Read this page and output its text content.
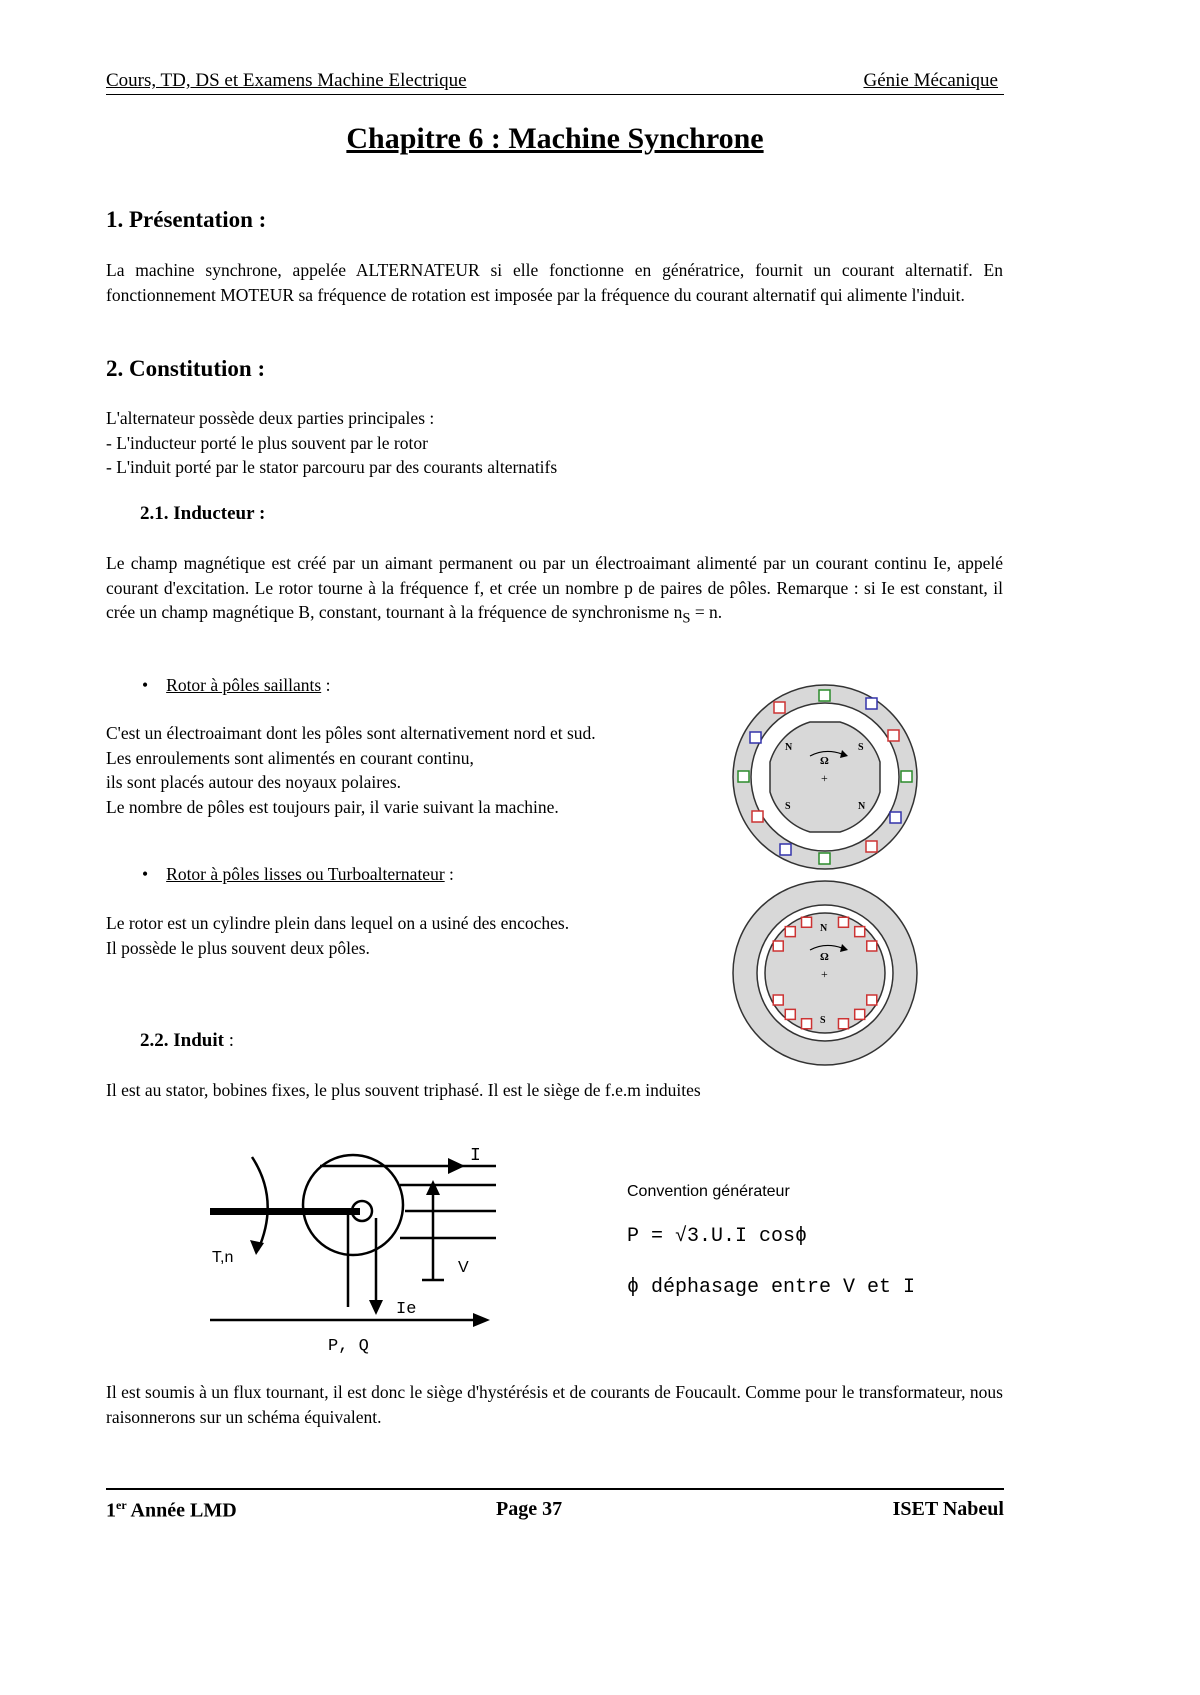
Cours, TD, DS et Examens Machine Electrique	Génie Mécanique
Chapitre 6 : Machine Synchrone
1. Présentation :
La machine synchrone, appelée ALTERNATEUR si elle fonctionne en génératrice, fournit un courant alternatif. En fonctionnement MOTEUR sa fréquence de rotation est imposée par la fréquence du courant alternatif qui alimente l'induit.
2. Constitution :
L'alternateur possède deux parties principales :
- L'inducteur porté le plus souvent par le rotor
- L'induit porté par le stator parcouru par des courants alternatifs
2.1. Inducteur :
Le champ magnétique est créé par un aimant permanent ou par un électroaimant alimenté par un courant continu Ie, appelé courant d'excitation. Le rotor tourne à la fréquence f, et crée un nombre p de paires de pôles. Remarque : si Ie est constant, il crée un champ magnétique B, constant, tournant à la fréquence de synchronisme $n_S = n$.
• Rotor à pôles saillants :
C'est un électroaimant dont les pôles sont alternativement nord et sud.
Les enroulements sont alimentés en courant continu,
ils sont placés autour des noyaux polaires.
Le nombre de pôles est toujours pair, il varie suivant la machine.
N	S
S	N
Ω
+
• Rotor à pôles lisses ou Turboalternateur :
Le rotor est un cylindre plein dans lequel on a usiné des encoches.
Il possède le plus souvent deux pôles.
N
S
Ω
+
2.2. Induit :
Il est au stator, bobines fixes, le plus souvent triphasé. Il est le siège de f.e.m induites
I
V
Ie
T,n
P, Q
Convention générateur
P = √3.U.I cosϕ
ϕ déphasage entre V et I
Il est soumis à un flux tournant, il est donc le siège d'hystérésis et de courants de Foucault. Comme pour le transformateur, nous raisonnerons sur un schéma équivalent.
1er Année LMD	Page 37	ISET Nabeul
